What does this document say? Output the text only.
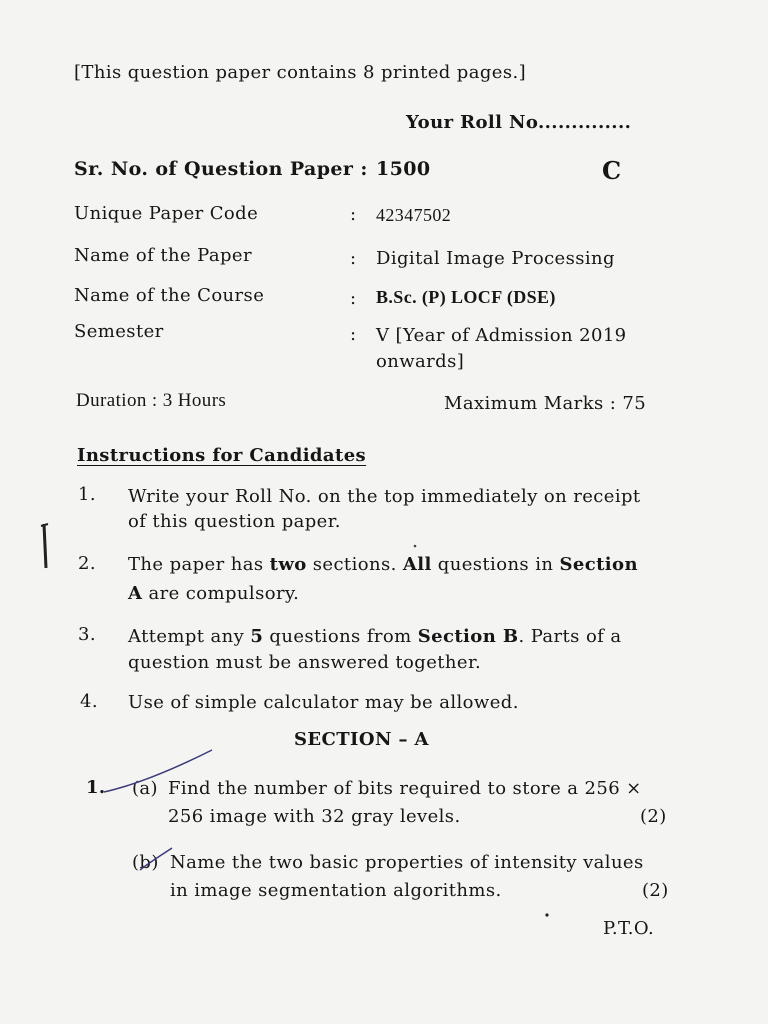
[This question paper contains 8 printed pages.]
Your Roll No..............
Sr. No. of Question Paper : 1500	C
Unique Paper Code	: 42347502
Name of the Paper	: Digital Image Processing
Name of the Course	: B.Sc. (P) LOCF (DSE)
Semester	: V [Year of Admission 2019
onwards]
Duration : 3 Hours	Maximum Marks : 75
Instructions for Candidates
1. Write your Roll No. on the top immediately on receipt
of this question paper.
2. The paper has two sections. All questions in Section
A are compulsory.
3. Attempt any 5 questions from Section B. Parts of a
question must be answered together.
4. Use of simple calculator may be allowed.
SECTION – A
1. (a) Find the number of bits required to store a 256 ×
256 image with 32 gray levels.	(2)
(b) Name the two basic properties of intensity values
in image segmentation algorithms.	(2)
P.T.O.
